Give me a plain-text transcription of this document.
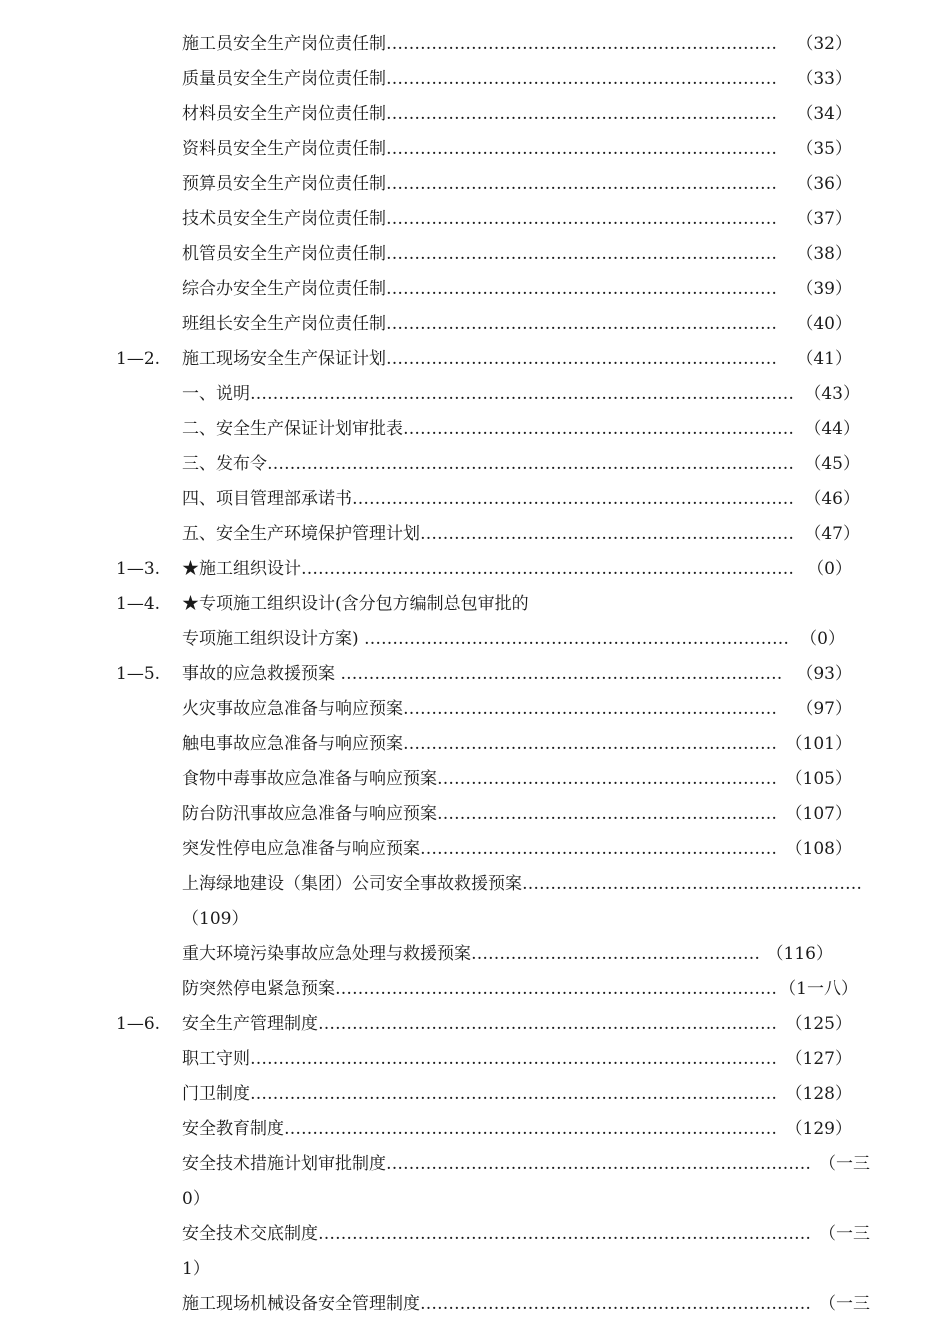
施工员安全生产岗位责任制…………………………………………………………… （32）
质量员安全生产岗位责任制…………………………………………………………… （33）
材料员安全生产岗位责任制…………………………………………………………… （34）
资料员安全生产岗位责任制…………………………………………………………… （35）
预算员安全生产岗位责任制…………………………………………………………… （36）
技术员安全生产岗位责任制…………………………………………………………… （37）
机管员安全生产岗位责任制…………………………………………………………… （38）
综合办安全生产岗位责任制…………………………………………………………… （39）
班组长安全生产岗位责任制…………………………………………………………… （40）
1—2. 施工现场安全生产保证计划…………………………………………………………… （41）
一、说明…………………………………………………………………………………… （43）
二、安全生产保证计划审批表…………………………………………………………… （44）
三、发布令………………………………………………………………………………… （45）
四、项目管理部承诺书…………………………………………………………………… （46）
五、安全生产环境保护管理计划………………………………………………………… （47）
1—3. ★施工组织设计…………………………………………………………………………… （0）
1—4. ★专项施工组织设计(含分包方编制总包审批的
专项施工组织设计方案) ………………………………………………………………… （0）
1—5. 事故的应急救援预案 …………………………………………………………………… （93）
火灾事故应急准备与响应预案………………………………………………………… （97）
触电事故应急准备与响应预案………………………………………………………… （101）
食物中毒事故应急准备与响应预案…………………………………………………… （105）
防台防汛事故应急准备与响应预案…………………………………………………… （107）
突发性停电应急准备与响应预案……………………………………………………… （108）
上海绿地建设（集团）公司安全事故救援预案……………………………………………………
（109）
重大环境污染事故应急处理与救援预案…………………………………………… （116）
防突然停电紧急预案…………………………………………………………………… （1一八）
1—6. 安全生产管理制度……………………………………………………………………… （125）
职工守则………………………………………………………………………………… （127）
门卫制度………………………………………………………………………………… （128）
安全教育制度…………………………………………………………………………… （129）
安全技术措施计划审批制度………………………………………………………………… （一三
0）
安全技术交底制度…………………………………………………………………………… （一三
1）
施工现场机械设备安全管理制度…………………………………………………………… （一三
